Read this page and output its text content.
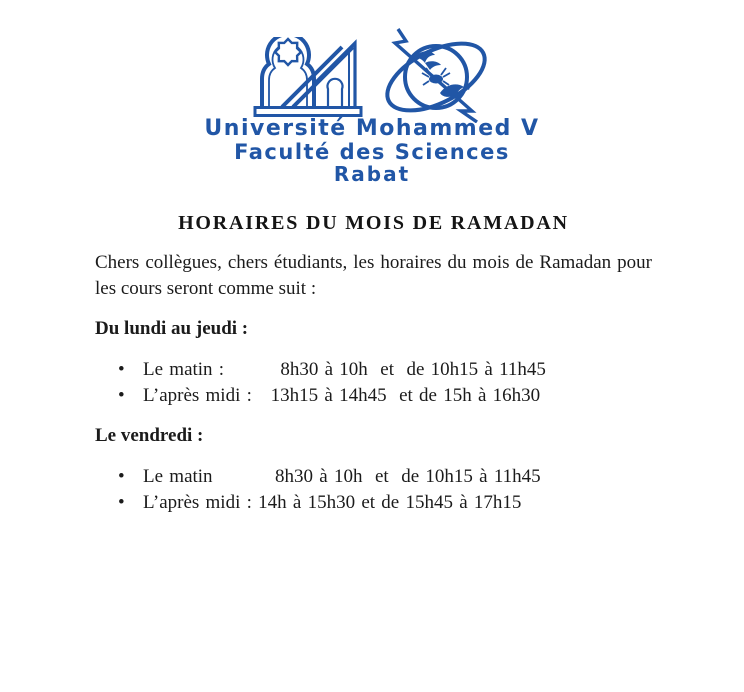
Université Mohammed V
Faculté des Sciences
Rabat
HORAIRES DU MOIS DE RAMADAN

Chers collègues, chers étudiants, les horaires du mois de Ramadan pour les cours seront comme suit :

Du lundi au jeudi :
• Le matin :         8h30 à 10h  et  de 10h15 à 11h45
• L’après midi :   13h15 à 14h45  et de 15h à 16h30
Le vendredi :
• Le matin          8h30 à 10h  et  de 10h15 à 11h45
• L’après midi : 14h à 15h30 et de 15h45 à 17h15
